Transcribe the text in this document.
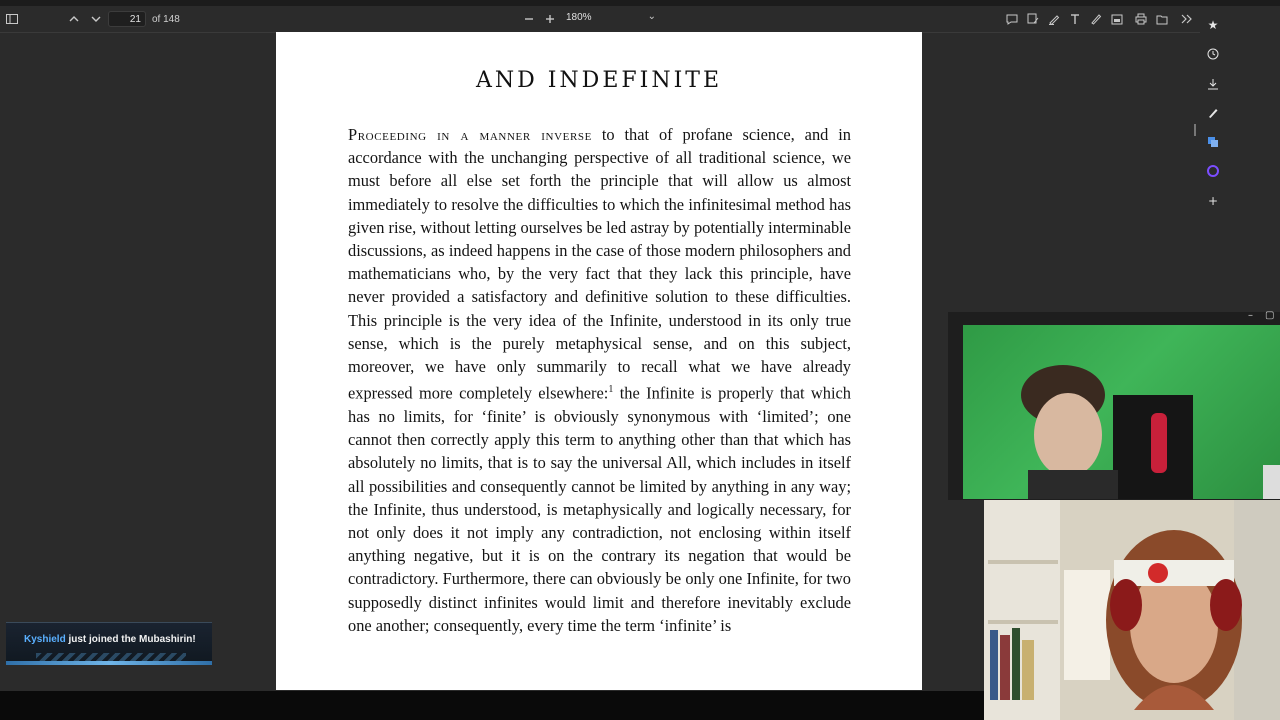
21
of 148	180%	⌄
AND INDEFINITE
Proceeding in a manner inverse to that of profane science, and in accordance with the unchanging perspective of all traditional science, we must before all else set forth the principle that will allow us almost immediately to resolve the difficulties to which the infinitesimal method has given rise, without letting ourselves be led astray by potentially interminable discussions, as indeed happens in the case of those modern philosophers and mathematicians who, by the very fact that they lack this principle, have never provided a satisfactory and definitive solution to these difficulties. This principle is the very idea of the Infinite, understood in its only true sense, which is the purely metaphysical sense, and on this subject, moreover, we have only summarily to recall what we have already expressed more completely elsewhere:$^1$ the Infinite is properly that which has no limits, for ‘finite’ is obviously synonymous with ‘limited’; one cannot then correctly apply this term to anything other than that which has absolutely no limits, that is to say the universal All, which includes in itself all possibilities and consequently cannot be limited by anything in any way; the Infinite, thus understood, is metaphysically and logically necessary, for not only does it not imply any contradiction, not enclosing within itself anything negative, but it is on the contrary its negation that would be contradictory. Furthermore, there can obviously be only one Infinite, for two supposedly distinct infinites would limit and therefore inevitably exclude one another; consequently, every time the term ‘infinite’ is
★
+
– ▢
Kyshield just joined the Mubashirin!
